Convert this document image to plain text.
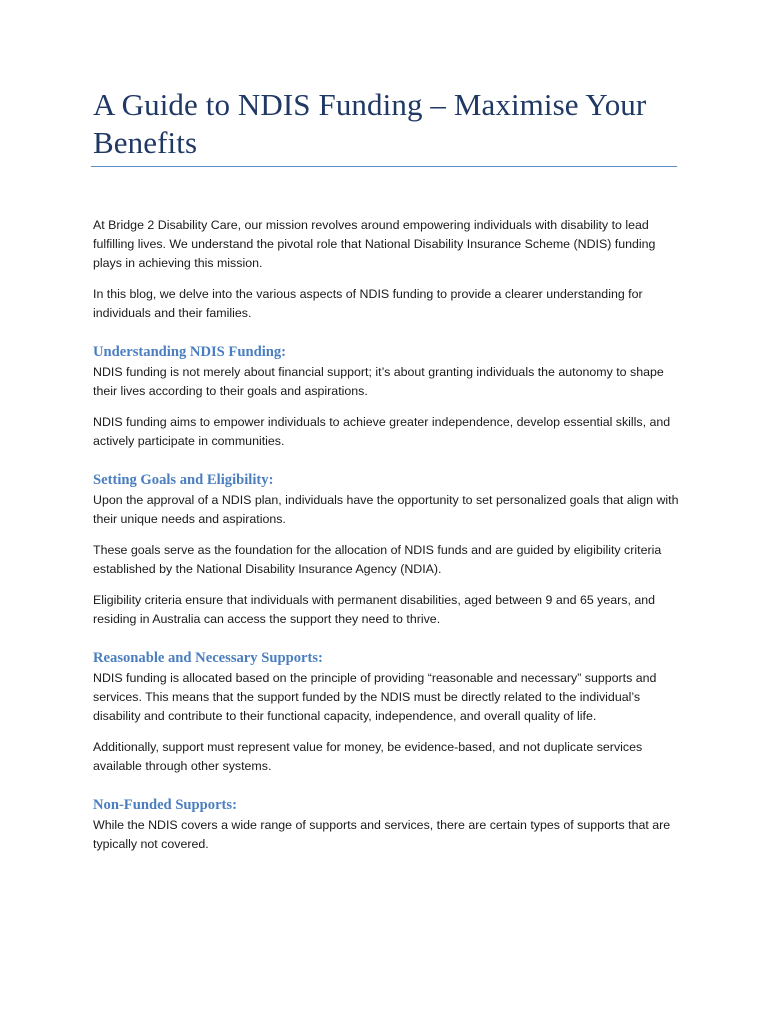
A Guide to NDIS Funding – Maximise Your Benefits

At Bridge 2 Disability Care, our mission revolves around empowering individuals with disability to lead fulfilling lives. We understand the pivotal role that National Disability Insurance Scheme (NDIS) funding plays in achieving this mission.

In this blog, we delve into the various aspects of NDIS funding to provide a clearer understanding for individuals and their families.

Understanding NDIS Funding:

NDIS funding is not merely about financial support; it’s about granting individuals the autonomy to shape their lives according to their goals and aspirations.

NDIS funding aims to empower individuals to achieve greater independence, develop essential skills, and actively participate in communities.

Setting Goals and Eligibility:

Upon the approval of a NDIS plan, individuals have the opportunity to set personalized goals that align with their unique needs and aspirations.

These goals serve as the foundation for the allocation of NDIS funds and are guided by eligibility criteria established by the National Disability Insurance Agency (NDIA).

Eligibility criteria ensure that individuals with permanent disabilities, aged between 9 and 65 years, and residing in Australia can access the support they need to thrive.

Reasonable and Necessary Supports:

NDIS funding is allocated based on the principle of providing “reasonable and necessary” supports and services. This means that the support funded by the NDIS must be directly related to the individual’s disability and contribute to their functional capacity, independence, and overall quality of life.

Additionally, support must represent value for money, be evidence-based, and not duplicate services available through other systems.

Non-Funded Supports:

While the NDIS covers a wide range of supports and services, there are certain types of supports that are typically not covered.
